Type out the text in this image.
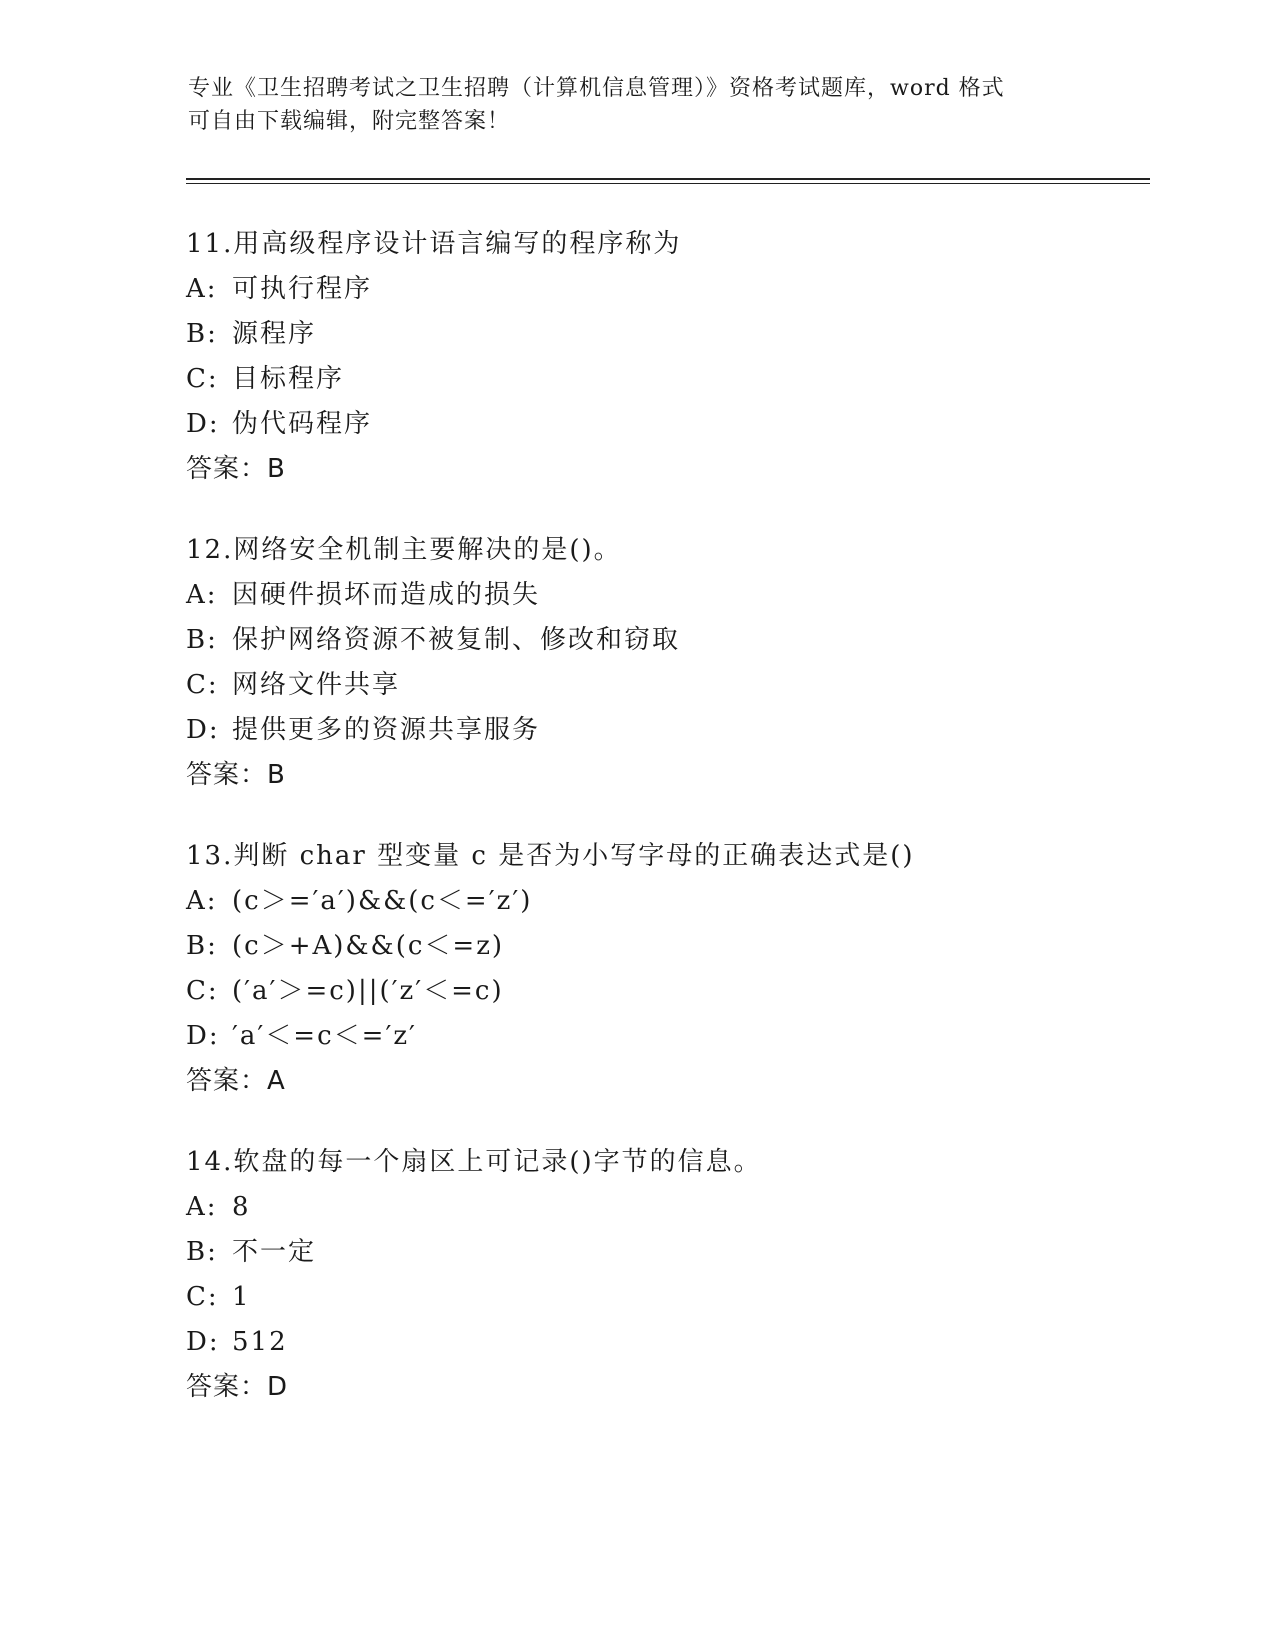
专业《卫生招聘考试之卫生招聘（计算机信息管理）》资格考试题库，word 格式
可自由下载编辑，附完整答案！
11.用高级程序设计语言编写的程序称为
A: 可执行程序
B: 源程序
C: 目标程序
D: 伪代码程序
答案：B
12.网络安全机制主要解决的是()。
A: 因硬件损坏而造成的损失
B: 保护网络资源不被复制、修改和窃取
C: 网络文件共享
D: 提供更多的资源共享服务
答案：B
13.判断 char 型变量 c 是否为小写字母的正确表达式是()
A: (c＞=′a′)&&(c＜=′z′)
B: (c＞+A)&&(c＜=z)
C: (′a′＞=c)||(′z′＜=c)
D: ′a′＜=c＜=′z′
答案：A
14.软盘的每一个扇区上可记录()字节的信息。
A: 8
B: 不一定
C: 1
D: 512
答案：D
